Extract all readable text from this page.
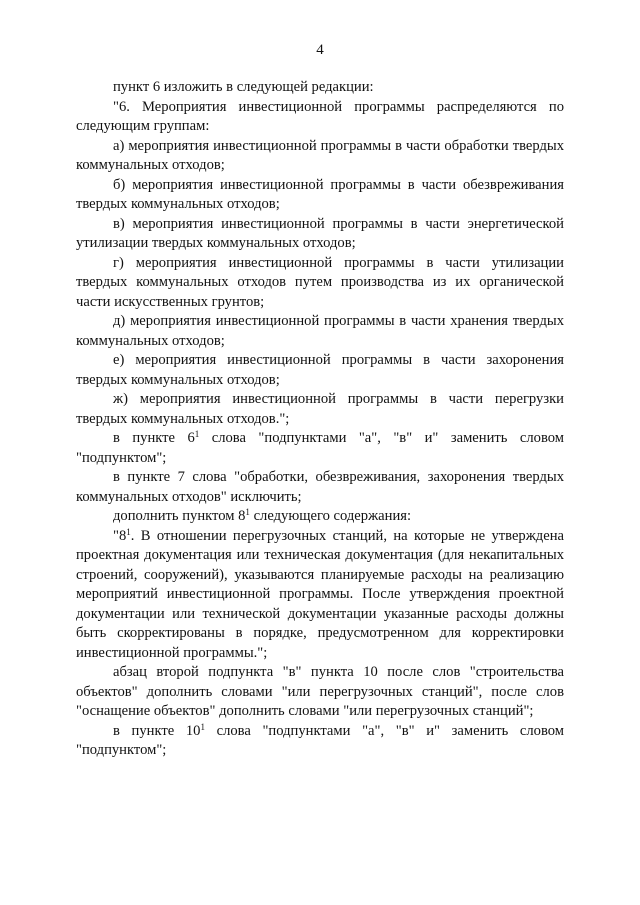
4

пункт 6 изложить в следующей редакции:

"6. Мероприятия инвестиционной программы распределяются по следующим группам:

а) мероприятия инвестиционной программы в части обработки твердых коммунальных отходов;

б) мероприятия инвестиционной программы в части обезвреживания твердых коммунальных отходов;

в) мероприятия инвестиционной программы в части энергетической утилизации твердых коммунальных отходов;

г) мероприятия инвестиционной программы в части утилизации твердых коммунальных отходов путем производства из их органической части искусственных грунтов;

д) мероприятия инвестиционной программы в части хранения твердых коммунальных отходов;

е) мероприятия инвестиционной программы в части захоронения твердых коммунальных отходов;

ж) мероприятия инвестиционной программы в части перегрузки твердых коммунальных отходов.";

в пункте $6^1$ слова "подпунктами "а", "в" и" заменить словом "подпунктом";

в пункте 7 слова "обработки, обезвреживания, захоронения твердых коммунальных отходов" исключить;

дополнить пунктом $8^1$ следующего содержания:

"$8^1$. В отношении перегрузочных станций, на которые не утверждена проектная документация или техническая документация (для некапитальных строений, сооружений), указываются планируемые расходы на реализацию мероприятий инвестиционной программы. После утверждения проектной документации или технической документации указанные расходы должны быть скорректированы в порядке, предусмотренном для корректировки инвестиционной программы.";

абзац второй подпункта "в" пункта 10 после слов "строительства объектов" дополнить словами "или перегрузочных станций", после слов "оснащение объектов" дополнить словами "или перегрузочных станций";

в пункте $10^1$ слова "подпунктами "а", "в" и" заменить словом "подпунктом";
